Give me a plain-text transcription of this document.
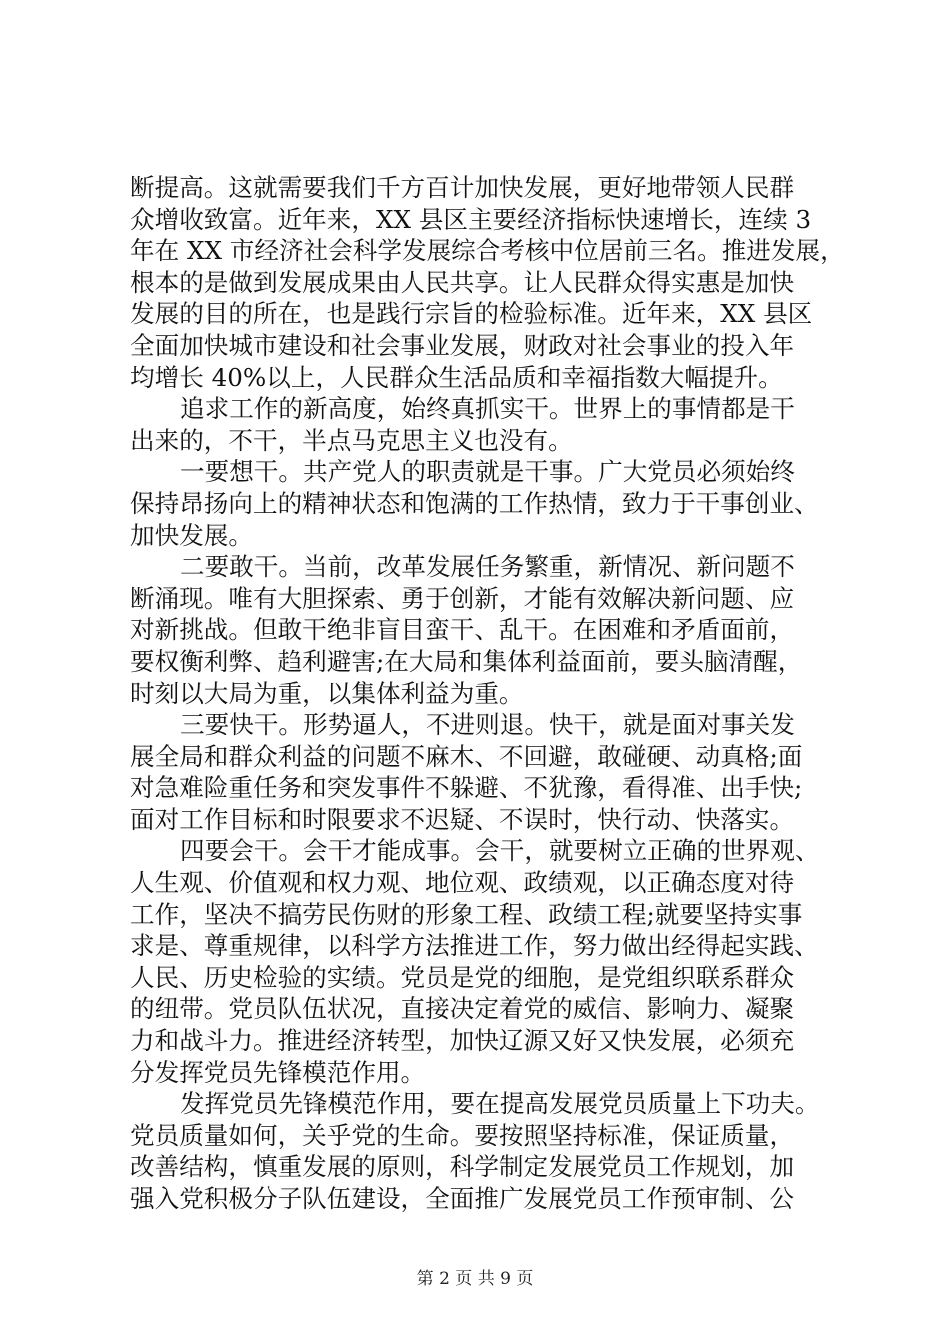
断提高。这就需要我们千方百计加快发展，更好地带领人民群
众增收致富。近年来，XX 县区主要经济指标快速增长，连续 3
年在 XX 市经济社会科学发展综合考核中位居前三名。推进发展，
根本的是做到发展成果由人民共享。让人民群众得实惠是加快
发展的目的所在，也是践行宗旨的检验标准。近年来，XX 县区
全面加快城市建设和社会事业发展，财政对社会事业的投入年
均增长 40%以上，人民群众生活品质和幸福指数大幅提升。
追求工作的新高度，始终真抓实干。世界上的事情都是干
出来的，不干，半点马克思主义也没有。
一要想干。共产党人的职责就是干事。广大党员必须始终
保持昂扬向上的精神状态和饱满的工作热情，致力于干事创业、
加快发展。
二要敢干。当前，改革发展任务繁重，新情况、新问题不
断涌现。唯有大胆探索、勇于创新，才能有效解决新问题、应
对新挑战。但敢干绝非盲目蛮干、乱干。在困难和矛盾面前，
要权衡利弊、趋利避害;在大局和集体利益面前，要头脑清醒，
时刻以大局为重，以集体利益为重。
三要快干。形势逼人，不进则退。快干，就是面对事关发
展全局和群众利益的问题不麻木、不回避，敢碰硬、动真格;面
对急难险重任务和突发事件不躲避、不犹豫，看得准、出手快;
面对工作目标和时限要求不迟疑、不误时，快行动、快落实。
四要会干。会干才能成事。会干，就要树立正确的世界观、
人生观、价值观和权力观、地位观、政绩观，以正确态度对待
工作，坚决不搞劳民伤财的形象工程、政绩工程;就要坚持实事
求是、尊重规律，以科学方法推进工作，努力做出经得起实践、
人民、历史检验的实绩。党员是党的细胞，是党组织联系群众
的纽带。党员队伍状况，直接决定着党的威信、影响力、凝聚
力和战斗力。推进经济转型，加快辽源又好又快发展，必须充
分发挥党员先锋模范作用。
发挥党员先锋模范作用，要在提高发展党员质量上下功夫。
党员质量如何，关乎党的生命。要按照坚持标准，保证质量，
改善结构，慎重发展的原则，科学制定发展党员工作规划，加
强入党积极分子队伍建设，全面推广发展党员工作预审制、公
第 2 页 共 9 页
